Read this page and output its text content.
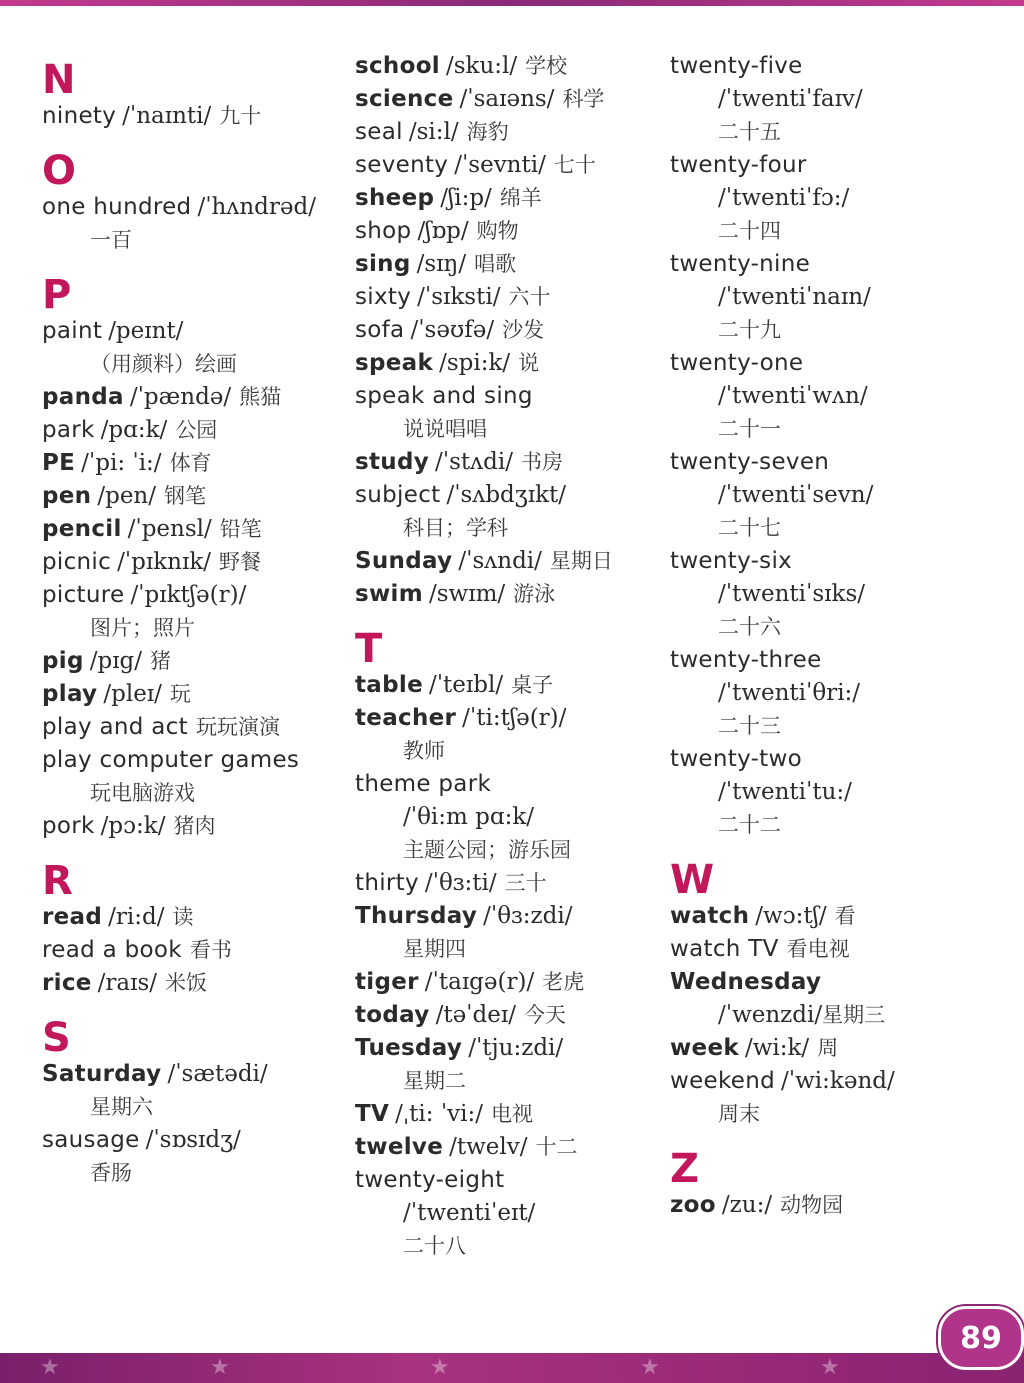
N
ninety /ˈnaɪnti/ 九十
O
one hundred /ˈhʌndrəd/
一百
P
paint /peɪnt/
（用颜料）绘画
panda /ˈpændə/ 熊猫
park /pɑ:k/ 公园
PE /ˈpi: ˈi:/ 体育
pen /pen/ 钢笔
pencil /ˈpensl/ 铅笔
picnic /ˈpɪknɪk/ 野餐
picture /ˈpɪktʃə(r)/
图片；照片
pig /pɪg/ 猪
play /pleɪ/ 玩
play and act 玩玩演演
play computer games
玩电脑游戏
pork /pɔ:k/ 猪肉
R
read /ri:d/ 读
read a book 看书
rice /raɪs/ 米饭
S
Saturday /ˈsætədi/
星期六
sausage /ˈsɒsɪdʒ/
香肠
school /sku:l/ 学校
science /ˈsaɪəns/ 科学
seal /si:l/ 海豹
seventy /ˈsevnti/ 七十
sheep /ʃi:p/ 绵羊
shop /ʃɒp/ 购物
sing /sɪŋ/ 唱歌
sixty /ˈsɪksti/ 六十
sofa /ˈsəʊfə/ 沙发
speak /spi:k/ 说
speak and sing
说说唱唱
study /ˈstʌdi/ 书房
subject /ˈsʌbdʒɪkt/
科目；学科
Sunday /ˈsʌndi/ 星期日
swim /swɪm/ 游泳
T
table /ˈteɪbl/ 桌子
teacher /ˈti:tʃə(r)/
教师
theme park
/ˈθi:m pɑ:k/
主题公园；游乐园
thirty /ˈθɜ:ti/ 三十
Thursday /ˈθɜ:zdi/
星期四
tiger /ˈtaɪgə(r)/ 老虎
today /təˈdeɪ/ 今天
Tuesday /ˈtju:zdi/
星期二
TV /ˌti: ˈvi:/ 电视
twelve /twelv/ 十二
twenty-eight
/ˈtwentiˈeɪt/
二十八
twenty-five
/ˈtwentiˈfaɪv/
二十五
twenty-four
/ˈtwentiˈfɔ:/
二十四
twenty-nine
/ˈtwentiˈnaɪn/
二十九
twenty-one
/ˈtwentiˈwʌn/
二十一
twenty-seven
/ˈtwentiˈsevn/
二十七
twenty-six
/ˈtwentiˈsɪks/
二十六
twenty-three
/ˈtwentiˈθri:/
二十三
twenty-two
/ˈtwentiˈtu:/
二十二
W
watch /wɔ:tʃ/ 看
watch TV 看电视
Wednesday
/ˈwenzdi/星期三
week /wi:k/ 周
weekend /ˈwi:kənd/
周末
Z
zoo /zu:/ 动物园
★	★	★	★	★
89
